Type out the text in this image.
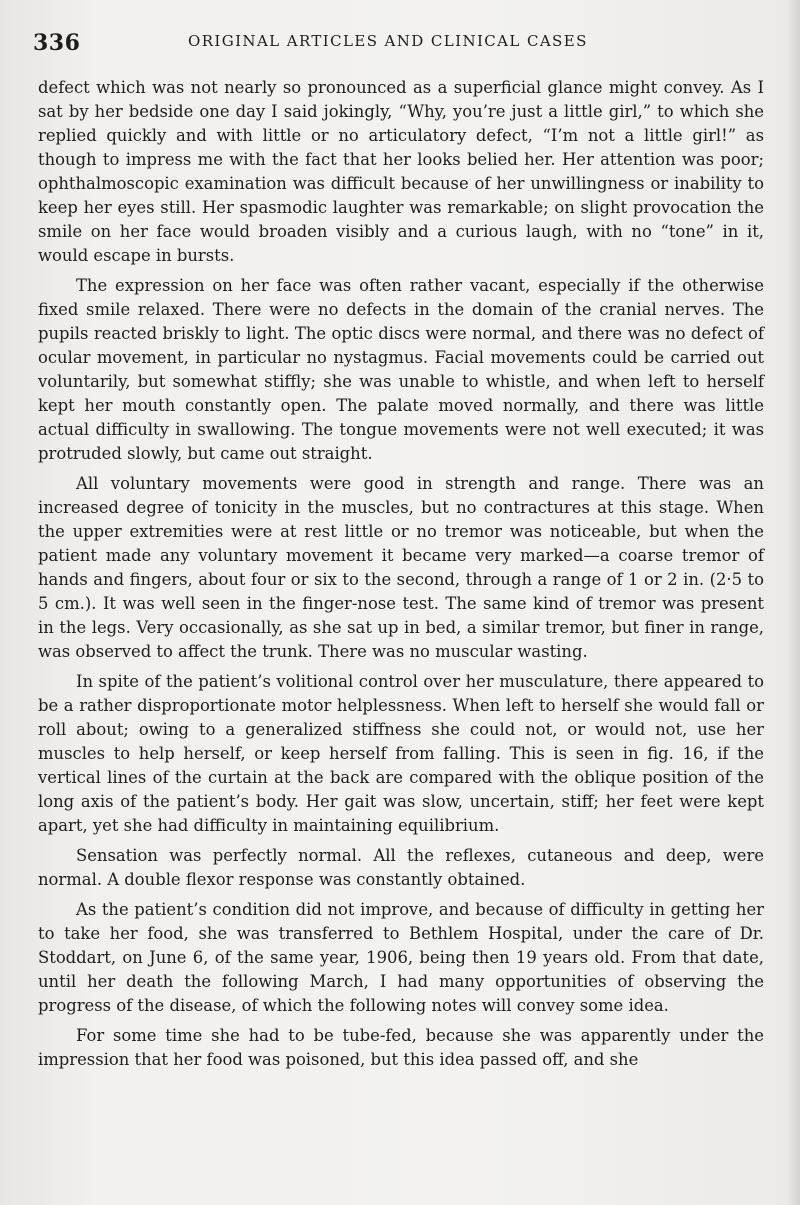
336	ORIGINAL ARTICLES AND CLINICAL CASES

defect which was not nearly so pronounced as a superficial glance might convey. As I sat by her bedside one day I said jokingly, “Why, you’re just a little girl,” to which she replied quickly and with little or no articulatory defect, “I’m not a little girl!” as though to impress me with the fact that her looks belied her. Her attention was poor; ophthalmoscopic examination was difficult because of her unwillingness or inability to keep her eyes still. Her spasmodic laughter was remarkable; on slight provocation the smile on her face would broaden visibly and a curious laugh, with no “tone” in it, would escape in bursts.

The expression on her face was often rather vacant, especially if the otherwise fixed smile relaxed. There were no defects in the domain of the cranial nerves. The pupils reacted briskly to light. The optic discs were normal, and there was no defect of ocular movement, in particular no nystagmus. Facial movements could be carried out voluntarily, but somewhat stiffly; she was unable to whistle, and when left to herself kept her mouth constantly open. The palate moved normally, and there was little actual difficulty in swallowing. The tongue movements were not well executed; it was protruded slowly, but came out straight.

All voluntary movements were good in strength and range. There was an increased degree of tonicity in the muscles, but no contractures at this stage. When the upper extremities were at rest little or no tremor was noticeable, but when the patient made any voluntary movement it became very marked—a coarse tremor of hands and fingers, about four or six to the second, through a range of 1 or 2 in. (2·5 to 5 cm.). It was well seen in the finger-nose test. The same kind of tremor was present in the legs. Very occasionally, as she sat up in bed, a similar tremor, but finer in range, was observed to affect the trunk. There was no muscular wasting.

In spite of the patient’s volitional control over her musculature, there appeared to be a rather disproportionate motor helplessness. When left to herself she would fall or roll about; owing to a generalized stiffness she could not, or would not, use her muscles to help herself, or keep herself from falling. This is seen in fig. 16, if the vertical lines of the curtain at the back are compared with the oblique position of the long axis of the patient’s body. Her gait was slow, uncertain, stiff; her feet were kept apart, yet she had difficulty in maintaining equilibrium.

Sensation was perfectly normal. All the reflexes, cutaneous and deep, were normal. A double flexor response was constantly obtained.

As the patient’s condition did not improve, and because of difficulty in getting her to take her food, she was transferred to Bethlem Hospital, under the care of Dr. Stoddart, on June 6, of the same year, 1906, being then 19 years old. From that date, until her death the following March, I had many opportunities of observing the progress of the disease, of which the following notes will convey some idea.

For some time she had to be tube-fed, because she was apparently under the impression that her food was poisoned, but this idea passed off, and she
